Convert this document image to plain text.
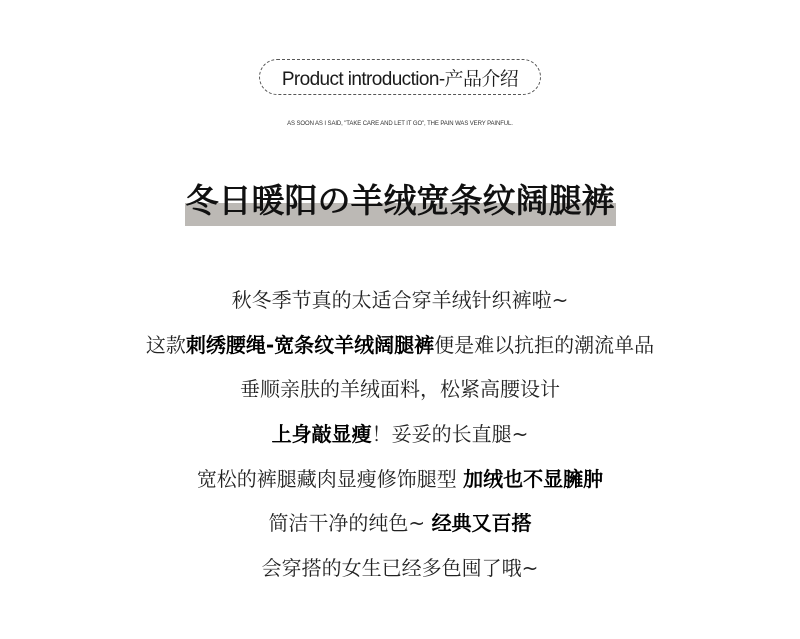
Product introduction-产品介绍
AS SOON AS I SAID, "TAKE CARE AND LET IT GO", THE PAIN WAS VERY PAINFUL.
冬日暖阳の羊绒宽条纹阔腿裤
秋冬季节真的太适合穿羊绒针织裤啦~
这款刺绣腰绳-宽条纹羊绒阔腿裤便是难以抗拒的潮流单品
垂顺亲肤的羊绒面料，松紧高腰设计
上身敲显瘦！妥妥的长直腿~
宽松的裤腿藏肉显瘦修饰腿型 加绒也不显臃肿
简洁干净的纯色~ 经典又百搭
会穿搭的女生已经多色囤了哦~
